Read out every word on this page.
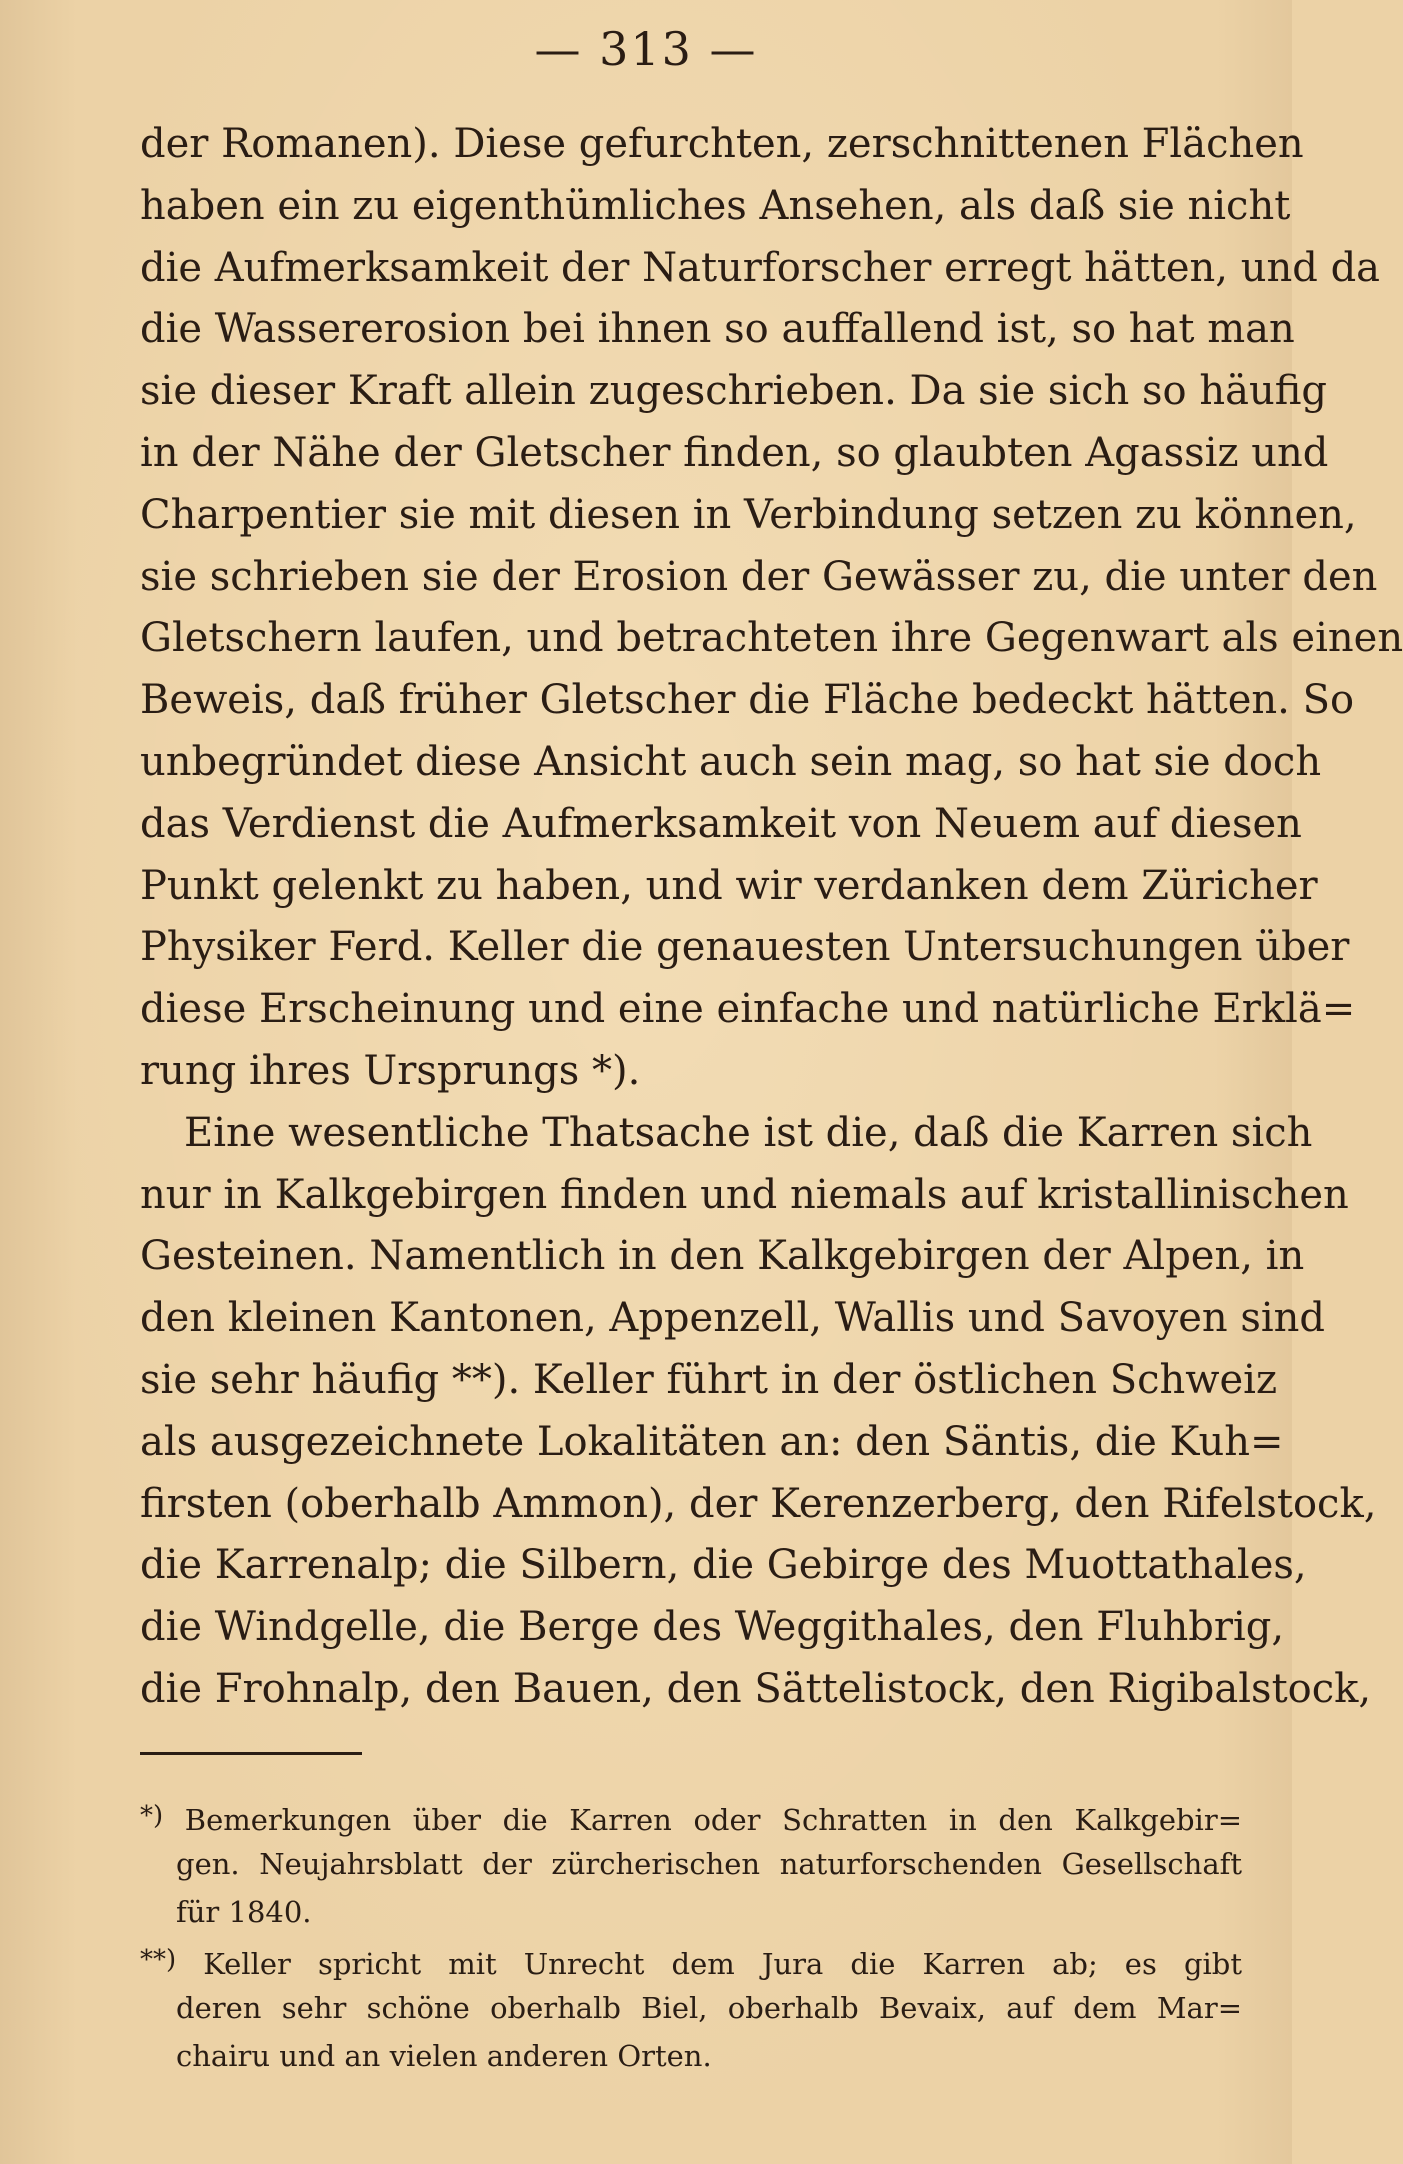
— 313 —
der Romanen). Diese gefurchten, zerschnittenen Flächen
haben ein zu eigenthümliches Ansehen, als daß sie nicht
die Aufmerksamkeit der Naturforscher erregt hätten, und da
die Wassererosion bei ihnen so auffallend ist, so hat man
sie dieser Kraft allein zugeschrieben. Da sie sich so häufig
in der Nähe der Gletscher finden, so glaubten Agassiz und
Charpentier sie mit diesen in Verbindung setzen zu können,
sie schrieben sie der Erosion der Gewässer zu, die unter den
Gletschern laufen, und betrachteten ihre Gegenwart als einen
Beweis, daß früher Gletscher die Fläche bedeckt hätten. So
unbegründet diese Ansicht auch sein mag, so hat sie doch
das Verdienst die Aufmerksamkeit von Neuem auf diesen
Punkt gelenkt zu haben, und wir verdanken dem Züricher
Physiker Ferd. Keller die genauesten Untersuchungen über
diese Erscheinung und eine einfache und natürliche Erklä=
rung ihres Ursprungs *).
Eine wesentliche Thatsache ist die, daß die Karren sich
nur in Kalkgebirgen finden und niemals auf kristallinischen
Gesteinen. Namentlich in den Kalkgebirgen der Alpen, in
den kleinen Kantonen, Appenzell, Wallis und Savoyen sind
sie sehr häufig **). Keller führt in der östlichen Schweiz
als ausgezeichnete Lokalitäten an: den Säntis, die Kuh=
firsten (oberhalb Ammon), der Kerenzerberg, den Rifelstock,
die Karrenalp; die Silbern, die Gebirge des Muottathales,
die Windgelle, die Berge des Weggithales, den Fluhbrig,
die Frohnalp, den Bauen, den Sättelistock, den Rigibalstock,
*) Bemerkungen über die Karren oder Schratten in den Kalkgebir=
gen. Neujahrsblatt der zürcherischen naturforschenden Gesellschaft
für 1840.
**) Keller spricht mit Unrecht dem Jura die Karren ab; es gibt
deren sehr schöne oberhalb Biel, oberhalb Bevaix, auf dem Mar=
chairu und an vielen anderen Orten.
